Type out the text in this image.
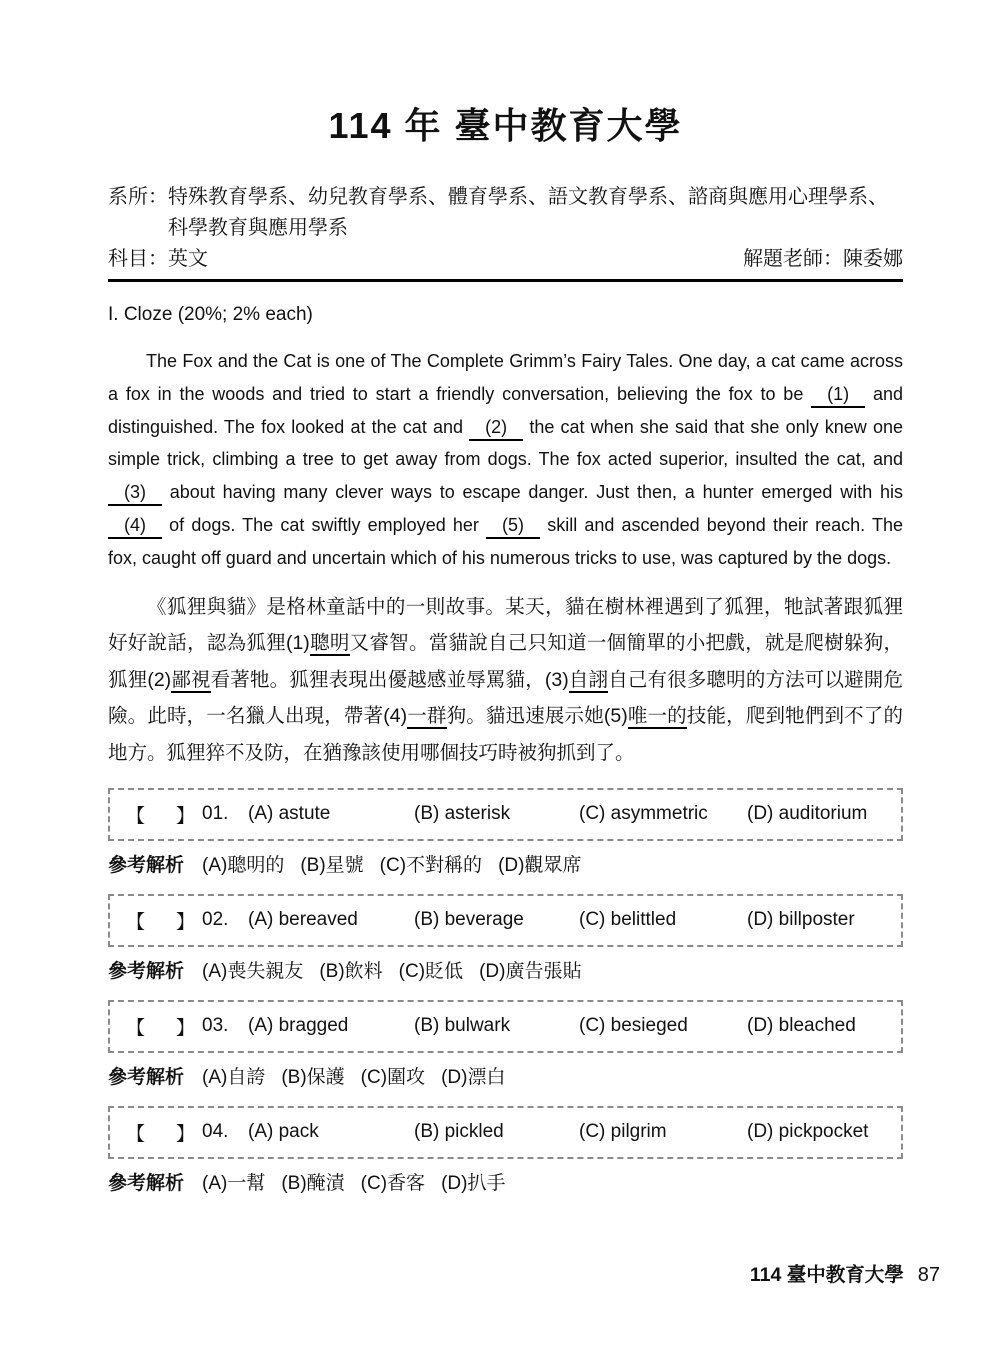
114 年 臺中教育大學
系所： 特殊教育學系、幼兒教育學系、體育學系、語文教育學系、諮商與應用心理學系、
科學教育與應用學系
科目：英文	解題老師：陳委娜
I. Cloze (20%; 2% each)
The Fox and the Cat is one of The Complete Grimm’s Fairy Tales. One day, a cat came across a fox in the woods and tried to start a friendly conversation, believing the fox to be (1) and distinguished. The fox looked at the cat and (2) the cat when she said that she only knew one simple trick, climbing a tree to get away from dogs. The fox acted superior, insulted the cat, and (3) about having many clever ways to escape danger. Just then, a hunter emerged with his (4) of dogs. The cat swiftly employed her (5) skill and ascended beyond their reach. The fox, caught off guard and uncertain which of his numerous tricks to use, was captured by the dogs.
《狐狸與貓》是格林童話中的一則故事。某天，貓在樹林裡遇到了狐狸，牠試著跟狐狸好好說話，認為狐狸(1)聰明又睿智。當貓說自己只知道一個簡單的小把戲，就是爬樹躲狗，狐狸(2)鄙視看著牠。狐狸表現出優越感並辱罵貓，(3)自詡自己有很多聰明的方法可以避開危險。此時，一名獵人出現，帶著(4)一群狗。貓迅速展示她(5)唯一的技能，爬到牠們到不了的地方。狐狸猝不及防，在猶豫該使用哪個技巧時被狗抓到了。
【　】 01.	(A) astute	(B) asterisk	(C) asymmetric	(D) auditorium
參考解析 (A)聰明的 (B)星號 (C)不對稱的 (D)觀眾席
【　】 02.	(A) bereaved	(B) beverage	(C) belittled	(D) billposter
參考解析 (A)喪失親友 (B)飲料 (C)貶低 (D)廣告張貼
【　】 03.	(A) bragged	(B) bulwark	(C) besieged	(D) bleached
參考解析 (A)自誇 (B)保護 (C)圍攻 (D)漂白
【　】 04.	(A) pack	(B) pickled	(C) pilgrim	(D) pickpocket
參考解析 (A)一幫 (B)醃漬 (C)香客 (D)扒手
114 臺中教育大學 87
